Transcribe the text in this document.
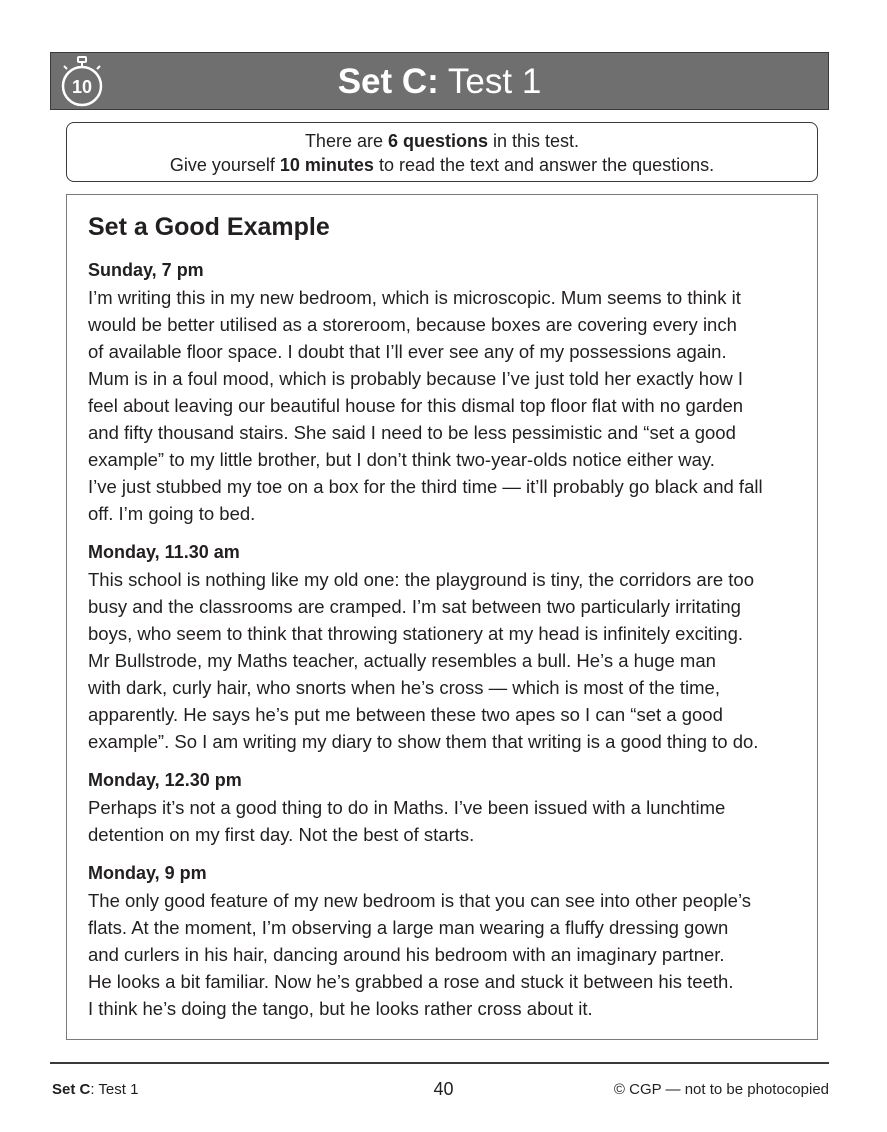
10	Set C: Test 1
There are 6 questions in this test.
Give yourself 10 minutes to read the text and answer the questions.
Set a Good Example
Sunday, 7 pm
I’m writing this in my new bedroom, which is microscopic. Mum seems to think it
would be better utilised as a storeroom, because boxes are covering every inch
of available floor space. I doubt that I’ll ever see any of my possessions again.
Mum is in a foul mood, which is probably because I’ve just told her exactly how I
feel about leaving our beautiful house for this dismal top floor flat with no garden
and fifty thousand stairs. She said I need to be less pessimistic and “set a good
example” to my little brother, but I don’t think two-year-olds notice either way.
I’ve just stubbed my toe on a box for the third time — it’ll probably go black and fall
off. I’m going to bed.
Monday, 11.30 am
This school is nothing like my old one: the playground is tiny, the corridors are too
busy and the classrooms are cramped. I’m sat between two particularly irritating
boys, who seem to think that throwing stationery at my head is infinitely exciting.
Mr Bullstrode, my Maths teacher, actually resembles a bull. He’s a huge man
with dark, curly hair, who snorts when he’s cross — which is most of the time,
apparently. He says he’s put me between these two apes so I can “set a good
example”. So I am writing my diary to show them that writing is a good thing to do.
Monday, 12.30 pm
Perhaps it’s not a good thing to do in Maths. I’ve been issued with a lunchtime
detention on my first day. Not the best of starts.
Monday, 9 pm
The only good feature of my new bedroom is that you can see into other people’s
flats. At the moment, I’m observing a large man wearing a fluffy dressing gown
and curlers in his hair, dancing around his bedroom with an imaginary partner.
He looks a bit familiar. Now he’s grabbed a rose and stuck it between his teeth.
I think he’s doing the tango, but he looks rather cross about it.
Set C: Test 1	40	© CGP — not to be photocopied
